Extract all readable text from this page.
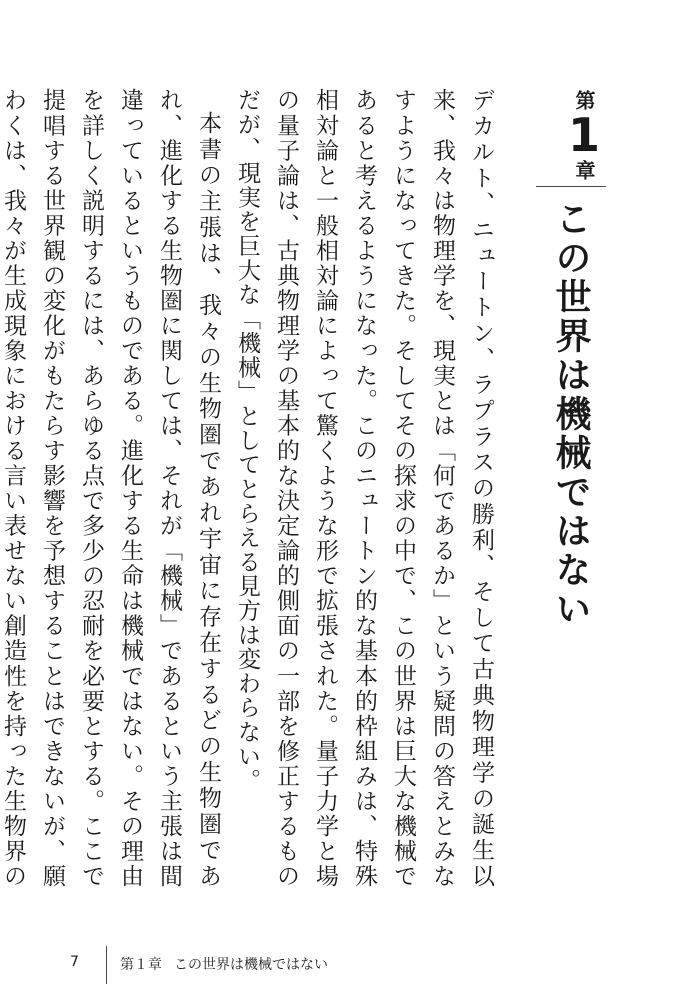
第
1
章
この世界は機械ではない

デカルト、ニュートン、ラプラスの勝利、そして古典物理学の誕生以来、我々は物理学を、現実とは「何であるか」という疑問の答えとみなすようになってきた。そしてその探求の中で、この世界は巨大な機械であると考えるようになった。このニュートン的な基本的枠組みは、特殊相対論と一般相対論によって驚くような形で拡張された。量子力学と場の量子論は、古典物理学の基本的な決定論的側面の一部を修正するものだが、現実を巨大な「機械」としてとらえる見方は変わらない。

本書の主張は、我々の生物圏であれ宇宙に存在するどの生物圏であれ、進化する生物圏に関しては、それが「機械」であるという主張は間違っているというものである。進化する生命は機械ではない。その理由を詳しく説明するには、あらゆる点で多少の忍耐を必要とする。ここで提唱する世界観の変化がもたらす影響を予想することはできないが、願わくは、我々が生成現象における言い表せない創造性を持った生物界の

7	第１章 この世界は機械ではない
